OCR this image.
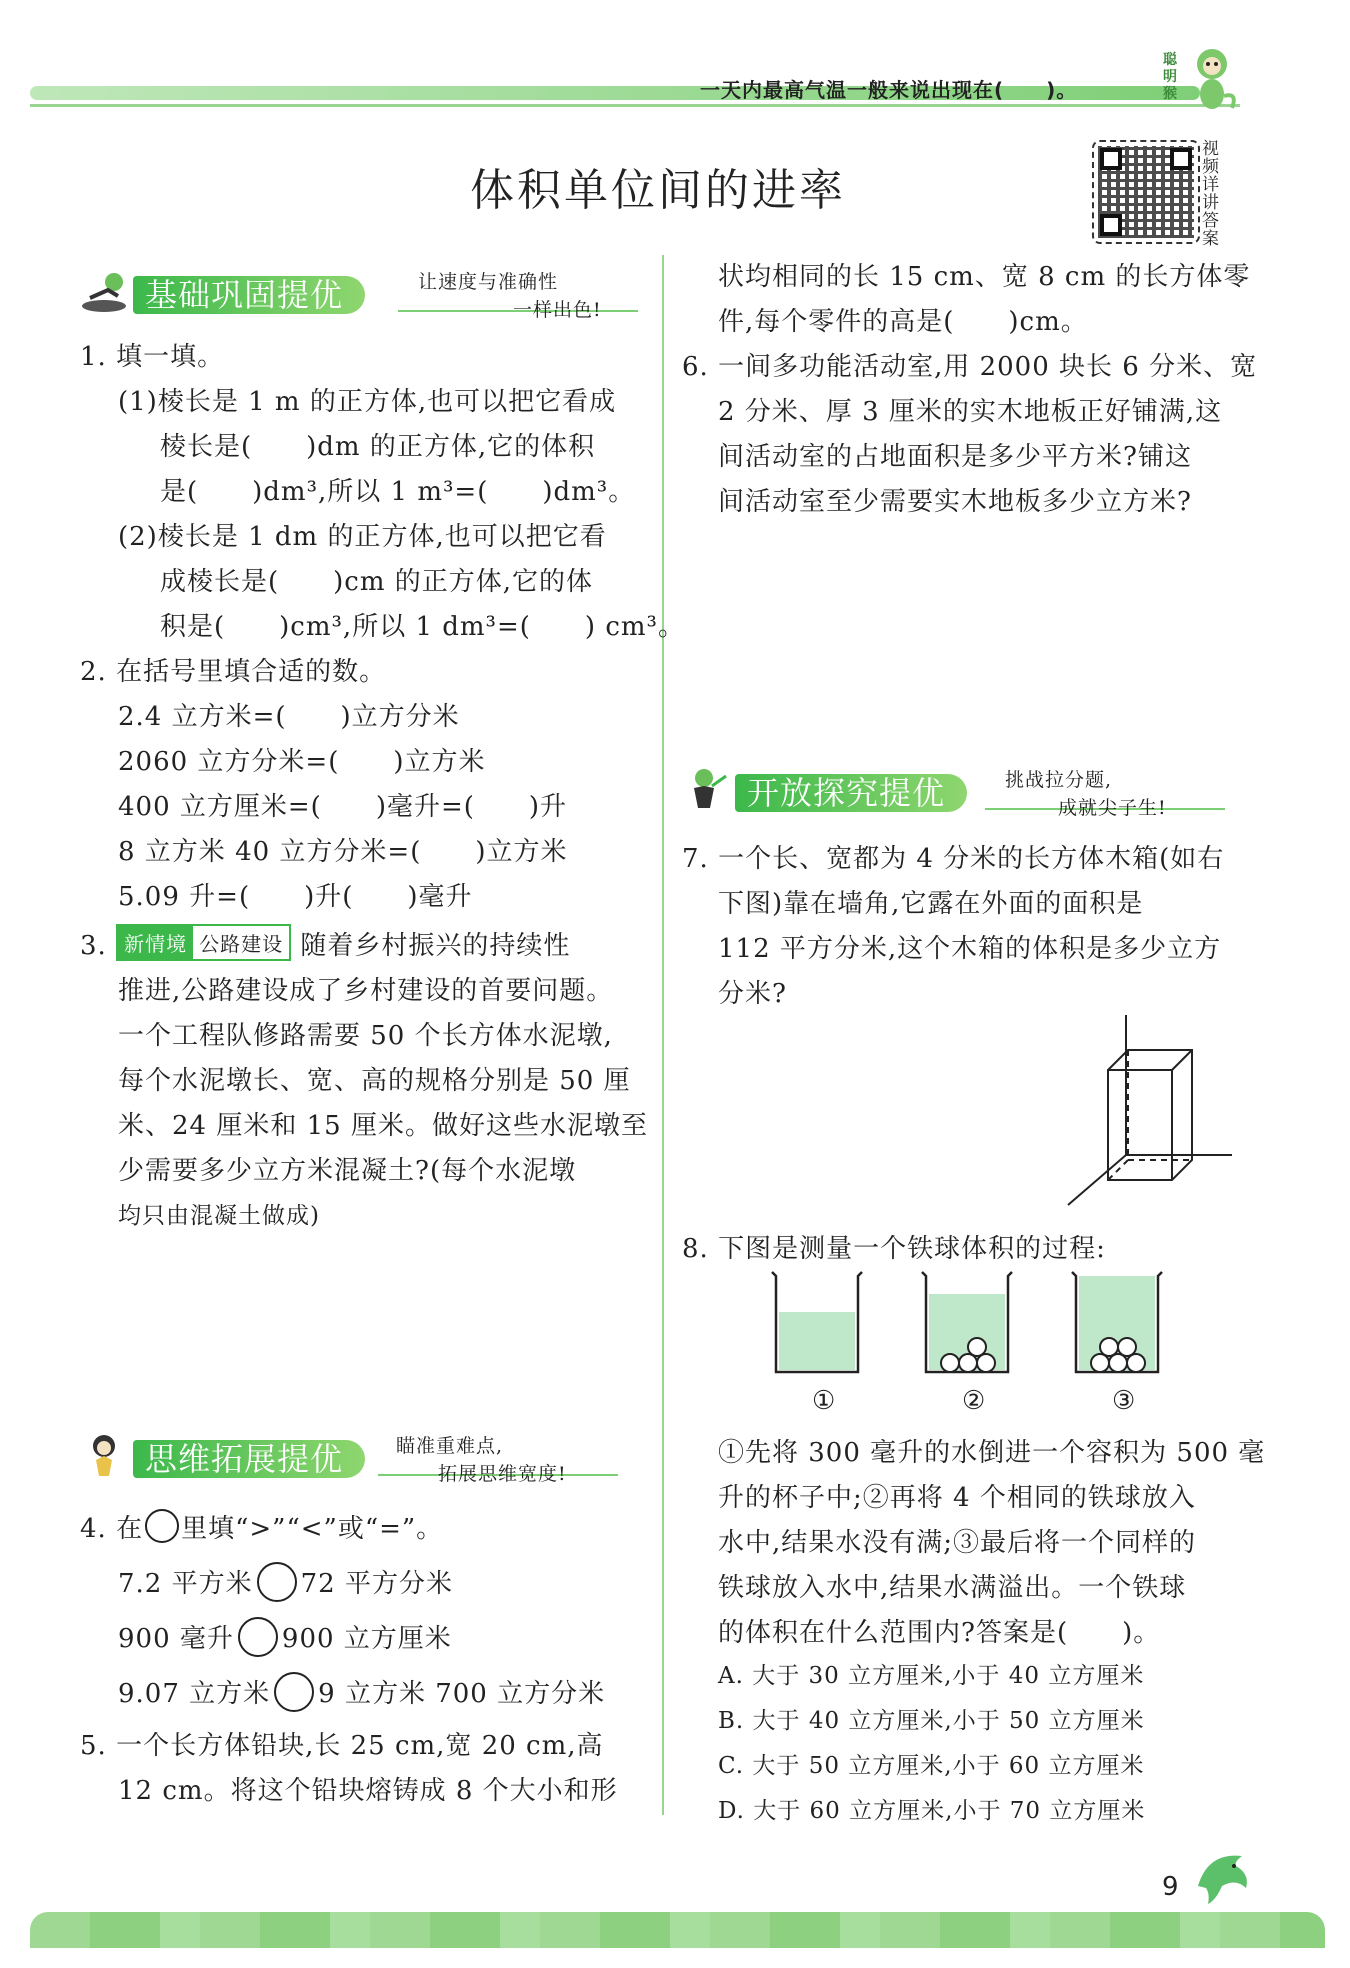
一天内最高气温一般来说出现在(　　)。
聪明猴
体积单位间的进率
视频详讲答案
基础巩固提优	让速度与准确性
一样出色!
1. 填一填。
(1)棱长是 1 m 的正方体,也可以把它看成
棱长是(　　)dm 的正方体,它的体积
是(　　)dm³,所以 1 m³=(　　)dm³。
(2)棱长是 1 dm 的正方体,也可以把它看
成棱长是(　　)cm 的正方体,它的体
积是(　　)cm³,所以 1 dm³=(　　) cm³。
2. 在括号里填合适的数。
2.4 立方米=(　　)立方分米
2060 立方分米=(　　)立方米
400 立方厘米=(　　)毫升=(　　)升
8 立方米 40 立方分米=(　　)立方米
5.09 升=(　　)升(　　)毫升
3. 新情境 公路建设 随着乡村振兴的持续性
推进,公路建设成了乡村建设的首要问题。
一个工程队修路需要 50 个长方体水泥墩,
每个水泥墩长、宽、高的规格分别是 50 厘
米、24 厘米和 15 厘米。做好这些水泥墩至
少需要多少立方米混凝土?(每个水泥墩
均只由混凝土做成)
思维拓展提优	瞄准重难点,
拓展思维宽度!
4. 在 里填“>”“<”或“=”。
7.2 平方米 72 平方分米
900 毫升 900 立方厘米
9.07 立方米 9 立方米 700 立方分米
5. 一个长方体铅块,长 25 cm,宽 20 cm,高
12 cm。将这个铅块熔铸成 8 个大小和形
状均相同的长 15 cm、宽 8 cm 的长方体零
件,每个零件的高是(　　)cm。
6. 一间多功能活动室,用 2000 块长 6 分米、宽
2 分米、厚 3 厘米的实木地板正好铺满,这
间活动室的占地面积是多少平方米?铺这
间活动室至少需要实木地板多少立方米?
开放探究提优	挑战拉分题,
成就尖子生!
7. 一个长、宽都为 4 分米的长方体木箱(如右
下图)靠在墙角,它露在外面的面积是
112 平方分米,这个木箱的体积是多少立方
分米?
8. 下图是测量一个铁球体积的过程:
①	②	③
①先将 300 毫升的水倒进一个容积为 500 毫
升的杯子中;②再将 4 个相同的铁球放入
水中,结果水没有满;③最后将一个同样的
铁球放入水中,结果水满溢出。一个铁球
的体积在什么范围内?答案是(　　)。
A. 大于 30 立方厘米,小于 40 立方厘米
B. 大于 40 立方厘米,小于 50 立方厘米
C. 大于 50 立方厘米,小于 60 立方厘米
D. 大于 60 立方厘米,小于 70 立方厘米
9
